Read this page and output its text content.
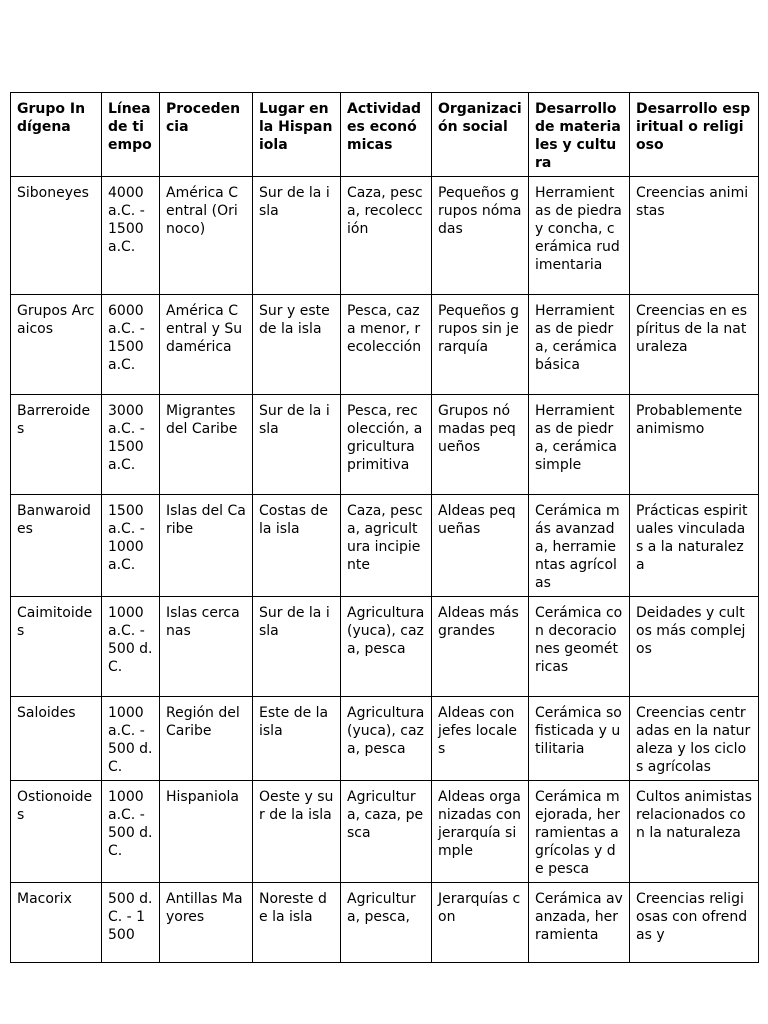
Grupo Indígena	Línea de tiempo	Procedencia	Lugar en la Hispaniola	Actividades económicas	Organización social	Desarrollo de materiales y cultura	Desarrollo espiritual o religioso
Siboneyes	4000 a.C. - 1500 a.C.	América Central (Orinoco)	Sur de la isla	Caza, pesca, recolección	Pequeños grupos nómadas	Herramientas de piedra y concha, cerámica rudimentaria	Creencias animistas
Grupos Arcaicos	6000 a.C. - 1500 a.C.	América Central y Sudamérica	Sur y este de la isla	Pesca, caza menor, recolección	Pequeños grupos sin jerarquía	Herramientas de piedra, cerámica básica	Creencias en espíritus de la naturaleza
Barreroides	3000 a.C. - 1500 a.C.	Migrantes del Caribe	Sur de la isla	Pesca, recolección, agricultura primitiva	Grupos nómadas pequeños	Herramientas de piedra, cerámica simple	Probablemente animismo
Banwaroides	1500 a.C. - 1000 a.C.	Islas del Caribe	Costas de la isla	Caza, pesca, agricultura incipiente	Aldeas pequeñas	Cerámica más avanzada, herramientas agrícolas	Prácticas espirituales vinculadas a la naturaleza
Caimitoides	1000 a.C. - 500 d.C.	Islas cercanas	Sur de la isla	Agricultura (yuca), caza, pesca	Aldeas más grandes	Cerámica con decoraciones geométricas	Deidades y cultos más complejos
Saloides	1000 a.C. - 500 d.C.	Región del Caribe	Este de la isla	Agricultura (yuca), caza, pesca	Aldeas con jefes locales	Cerámica sofisticada y utilitaria	Creencias centradas en la naturaleza y los ciclos agrícolas
Ostionoides	1000 a.C. - 500 d.C.	Hispaniola	Oeste y sur de la isla	Agricultura, caza, pesca	Aldeas organizadas con jerarquía simple	Cerámica mejorada, herramientas agrícolas y de pesca	Cultos animistas relacionados con la naturaleza
Macorix	500 d.C. - 1500	Antillas Mayores	Noreste de la isla	Agricultura, pesca,	Jerarquías con	Cerámica avanzada, herramienta	Creencias religiosas con ofrendas y
